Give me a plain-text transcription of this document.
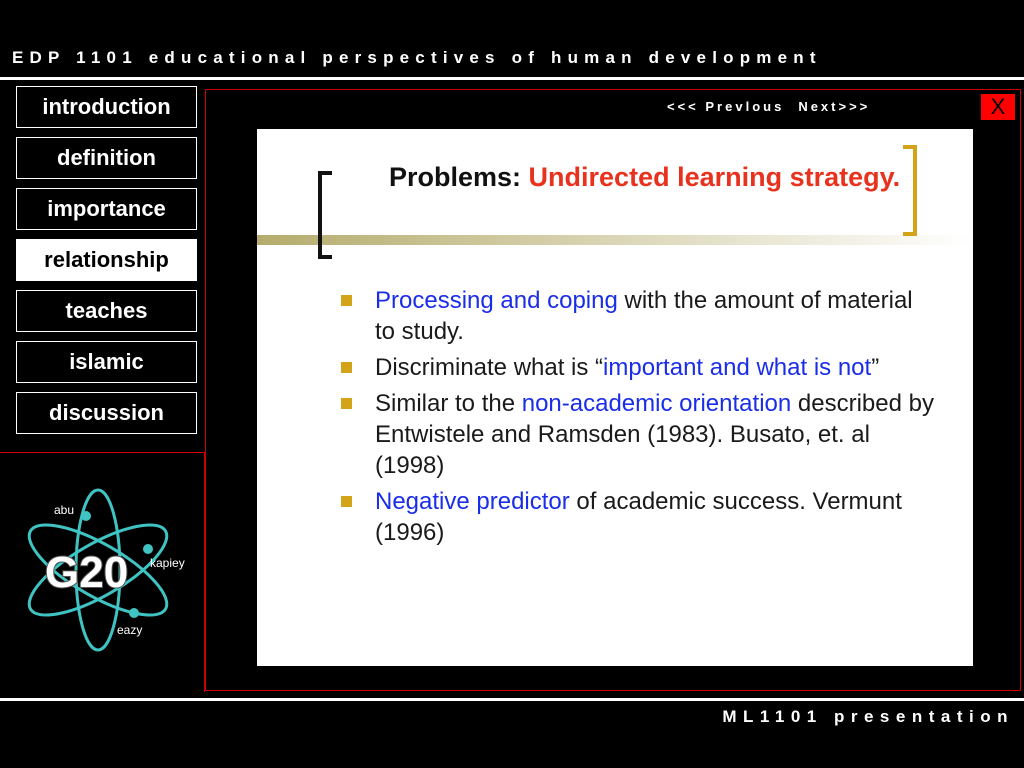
EDP 1101 educational perspectives of human development
introduction
definition
importance
relationship
teaches
islamic
discussion
abu
kapiey
eazy
G20
<<< Prevlous Next>>>	X
Problems: Undirected learning strategy.
Processing and coping with the amount of material to study.
Discriminate what is “important and what is not”
Similar to the non-academic orientation described by Entwistele and Ramsden (1983). Busato, et. al (1998)
Negative predictor of academic success. Vermunt (1996)
ML1101 presentation
